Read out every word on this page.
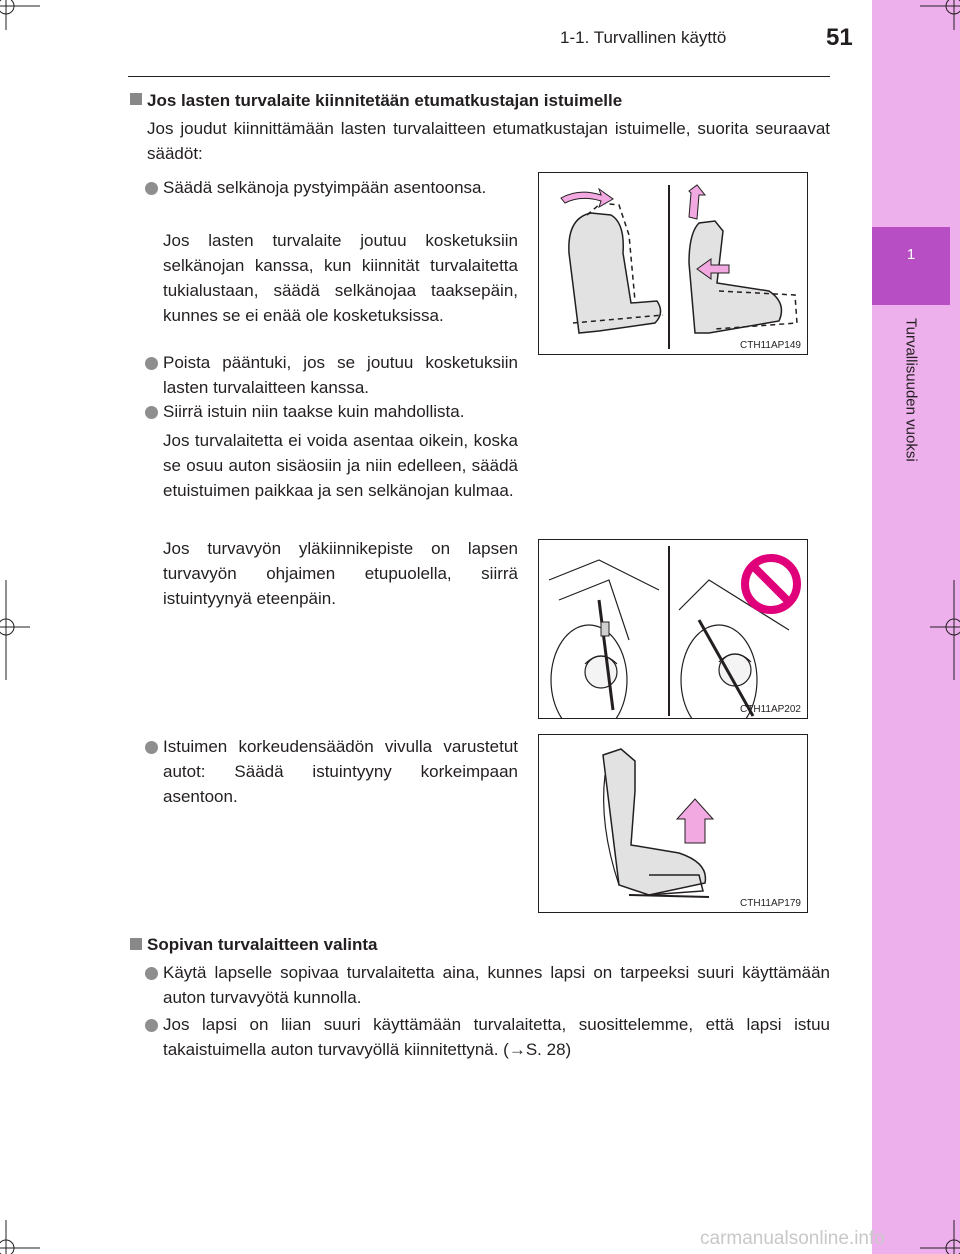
1
Turvallisuuden vuoksi
1-1. Turvallinen käyttö	51
Jos lasten turvalaite kiinnitetään etumatkustajan istuimelle
Jos joudut kiinnittämään lasten turvalaitteen etumatkustajan istuimelle, suorita seuraavat säädöt:
Säädä selkänoja pystyimpään asentoonsa.
Jos lasten turvalaite joutuu kosketuksiin selkänojan kanssa, kun kiinnität turvalaitetta tukialustaan, säädä selkänojaa taaksepäin, kunnes se ei enää ole kosketuksissa.
Poista pääntuki, jos se joutuu kosketuksiin lasten turvalaitteen kanssa.
Siirrä istuin niin taakse kuin mahdollista.
Jos turvalaitetta ei voida asentaa oikein, koska se osuu auton sisäosiin ja niin edelleen, säädä etuistuimen paikkaa ja sen selkänojan kulmaa.
Jos turvavyön yläkiinnikepiste on lapsen turvavyön ohjaimen etupuolella, siirrä istuintyynyä eteenpäin.
Istuimen korkeudensäädön vivulla varustetut autot: Säädä istuintyyny korkeimpaan asentoon.
CTH11AP149
CTH11AP202
CTH11AP179
Sopivan turvalaitteen valinta
Käytä lapselle sopivaa turvalaitetta aina, kunnes lapsi on tarpeeksi suuri käyttämään auton turvavyötä kunnolla.
Jos lapsi on liian suuri käyttämään turvalaitetta, suosittelemme, että lapsi istuu takaistuimella auton turvavyöllä kiinnitettynä. (→S. 28)
carmanualsonline.info
